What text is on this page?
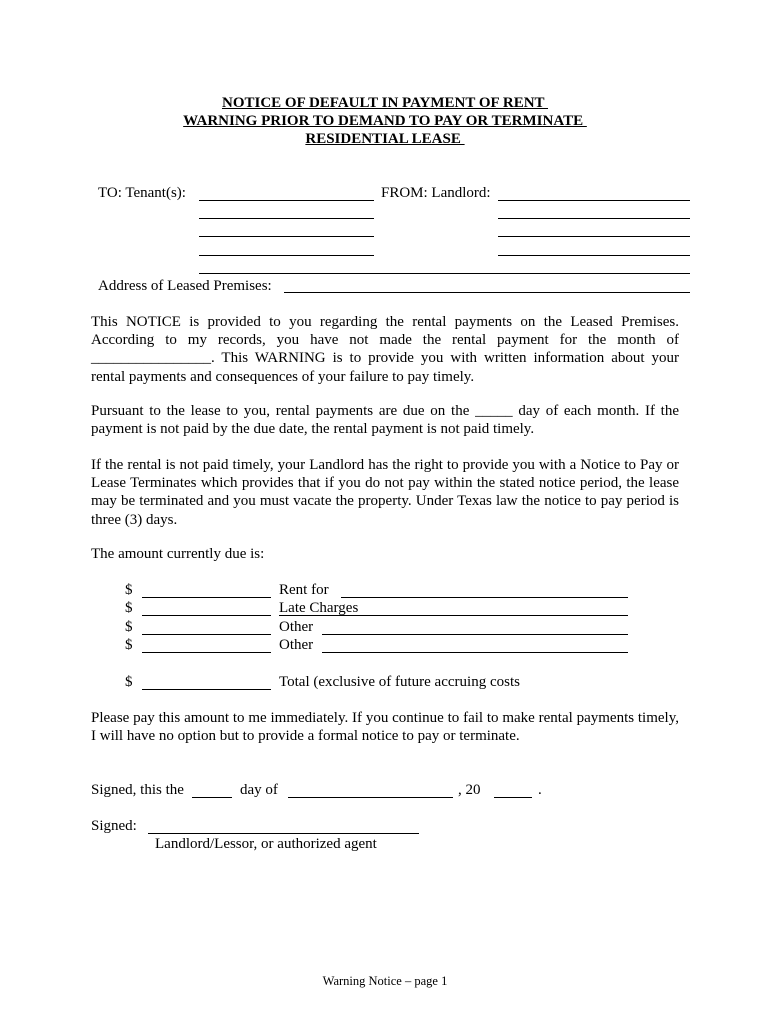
NOTICE OF DEFAULT IN PAYMENT OF RENT
WARNING PRIOR TO DEMAND TO PAY OR TERMINATE
RESIDENTIAL LEASE
TO: Tenant(s):	FROM: Landlord:
Address of Leased Premises:
This NOTICE is provided to you regarding the rental payments on the Leased Premises. According to my records, you have not made the rental payment for the month of ________________. This WARNING is to provide you with written information about your rental payments and consequences of your failure to pay timely.
Pursuant to the lease to you, rental payments are due on the _____ day of each month. If the payment is not paid by the due date, the rental payment is not paid timely.
If the rental is not paid timely, your Landlord has the right to provide you with a Notice to Pay or Lease Terminates which provides that if you do not pay within the stated notice period, the lease may be terminated and you must vacate the property. Under Texas law the notice to pay period is three (3) days.
The amount currently due is:
$	Rent for
$	Late Charges
$	Other
$	Other
$	Total (exclusive of future accruing costs
Please pay this amount to me immediately. If you continue to fail to make rental payments timely, I will have no option but to provide a formal notice to pay or terminate.
Signed, this the	day of	, 20	.
Signed:
Landlord/Lessor, or authorized agent
Warning Notice – page 1
